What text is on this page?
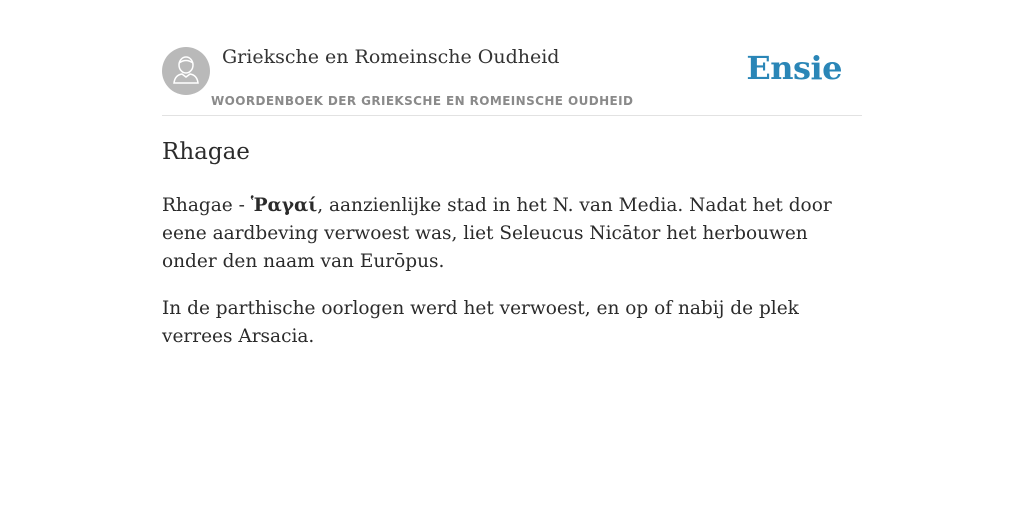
Grieksche en Romeinsche Oudheid
WOORDENBOEK DER GRIEKSCHE EN ROMEINSCHE OUDHEID
Ensie
Rhagae

Rhagae - Ῥαγαί, aanzienlijke stad in het N. van Media. Nadat het door eene aardbeving verwoest was, liet Seleucus Nicātor het herbouwen onder den naam van Eurōpus.

In de parthische oorlogen werd het verwoest, en op of nabij de plek verrees Arsacia.
